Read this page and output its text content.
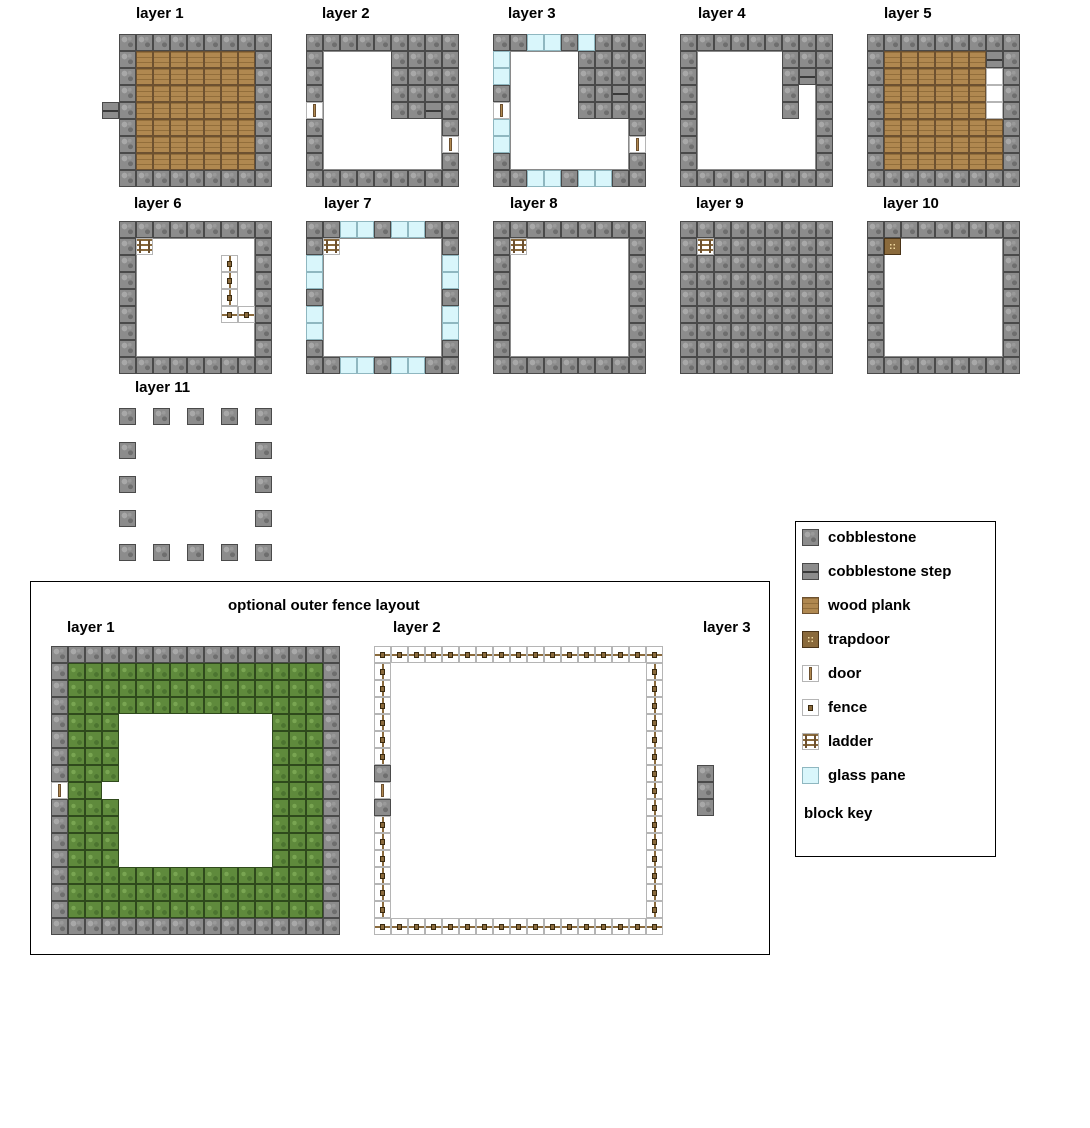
layer 1	layer 2	layer 3	layer 4	layer 5
layer 6	layer 7	layer 8	layer 9	layer 10
layer 11
optional outer fence layout
layer 1	layer 2	layer 3
cobblestone
cobblestone step
wood plank
trapdoor
door
fence
ladder
glass pane
block key
